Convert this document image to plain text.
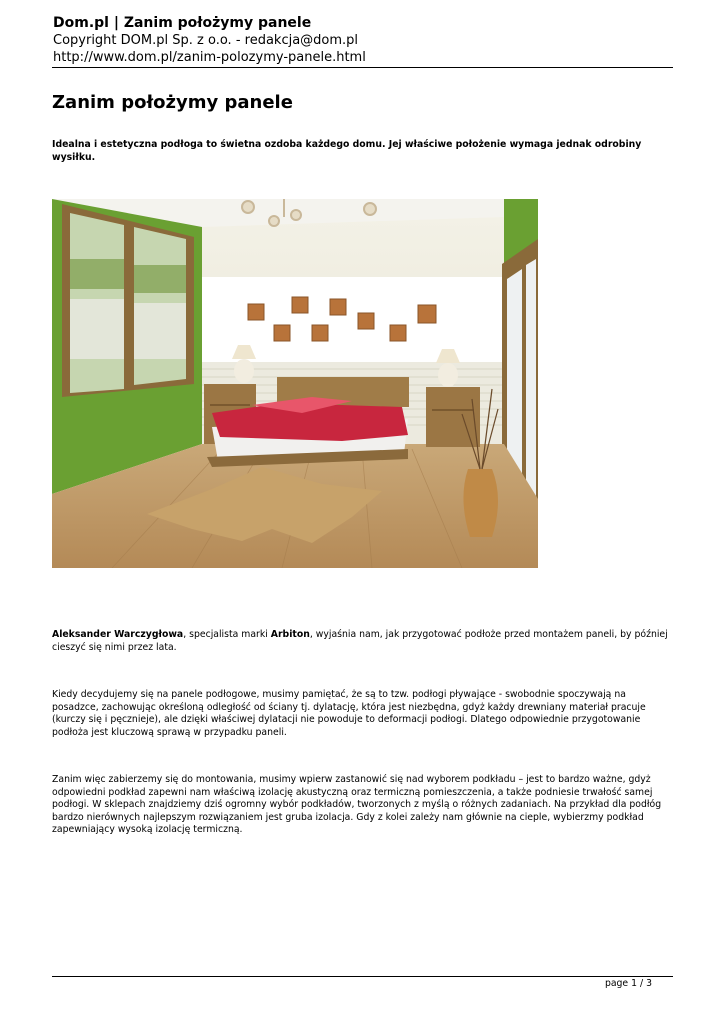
Dom.pl | Zanim położymy panele
Copyright DOM.pl Sp. z o.o. - redakcja@dom.pl
http://www.dom.pl/zanim-polozymy-panele.html
Zanim położymy panele

Idealna i estetyczna podłoga to świetna ozdoba każdego domu. Jej właściwe położenie wymaga jednak odrobiny wysiłku.

Aleksander Warczygłowa, specjalista marki Arbiton, wyjaśnia nam, jak przygotować podłoże przed montażem paneli, by później cieszyć się nimi przez lata.

Kiedy decydujemy się na panele podłogowe, musimy pamiętać, że są to tzw. podłogi pływające - swobodnie spoczywają na posadzce, zachowując określoną odległość od ściany tj. dylatację, która jest niezbędna, gdyż każdy drewniany materiał pracuje (kurczy się i pęcznieje), ale dzięki właściwej dylatacji nie powoduje to deformacji podłogi. Dlatego odpowiednie przygotowanie podłoża jest kluczową sprawą w przypadku paneli.

Zanim więc zabierzemy się do montowania, musimy wpierw zastanowić się nad wyborem podkładu – jest to bardzo ważne, gdyż odpowiedni podkład zapewni nam właściwą izolację akustyczną oraz termiczną pomieszczenia, a także podniesie trwałość samej podłogi. W sklepach znajdziemy dziś ogromny wybór podkładów, tworzonych z myślą o różnych zadaniach. Na przykład dla podłóg bardzo nierównych najlepszym rozwiązaniem jest gruba izolacja. Gdy z kolei zależy nam głównie na cieple, wybierzmy podkład zapewniający wysoką izolację termiczną.

page 1 / 3
